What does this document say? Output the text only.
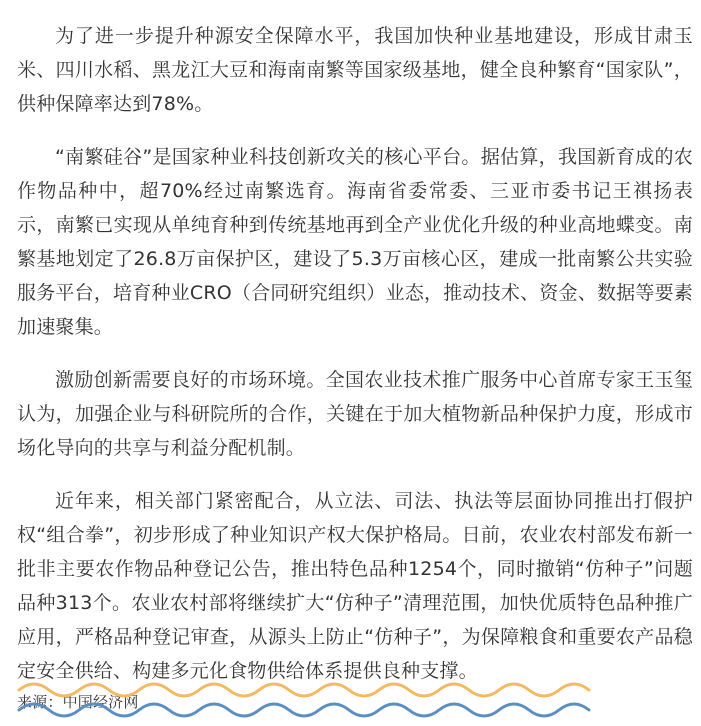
为了进一步提升种源安全保障水平，我国加快种业基地建设，形成甘肃玉米、四川水稻、黑龙江大豆和海南南繁等国家级基地，健全良种繁育“国家队”，供种保障率达到78%。

“南繁硅谷”是国家种业科技创新攻关的核心平台。据估算，我国新育成的农作物品种中，超70%经过南繁选育。海南省委常委、三亚市委书记王祺扬表示，南繁已实现从单纯育种到传统基地再到全产业优化升级的种业高地蝶变。南繁基地划定了26.8万亩保护区，建设了5.3万亩核心区，建成一批南繁公共实验服务平台，培育种业CRO（合同研究组织）业态，推动技术、资金、数据等要素加速聚集。

激励创新需要良好的市场环境。全国农业技术推广服务中心首席专家王玉玺认为，加强企业与科研院所的合作，关键在于加大植物新品种保护力度，形成市场化导向的共享与利益分配机制。

近年来，相关部门紧密配合，从立法、司法、执法等层面协同推出打假护权“组合拳”，初步形成了种业知识产权大保护格局。日前，农业农村部发布新一批非主要农作物品种登记公告，推出特色品种1254个，同时撤销“仿种子”问题品种313个。农业农村部将继续扩大“仿种子”清理范围，加快优质特色品种推广应用，严格品种登记审查，从源头上防止“仿种子”，为保障粮食和重要农产品稳定安全供给、构建多元化食物供给体系提供良种支撑。

来源：中国经济网
